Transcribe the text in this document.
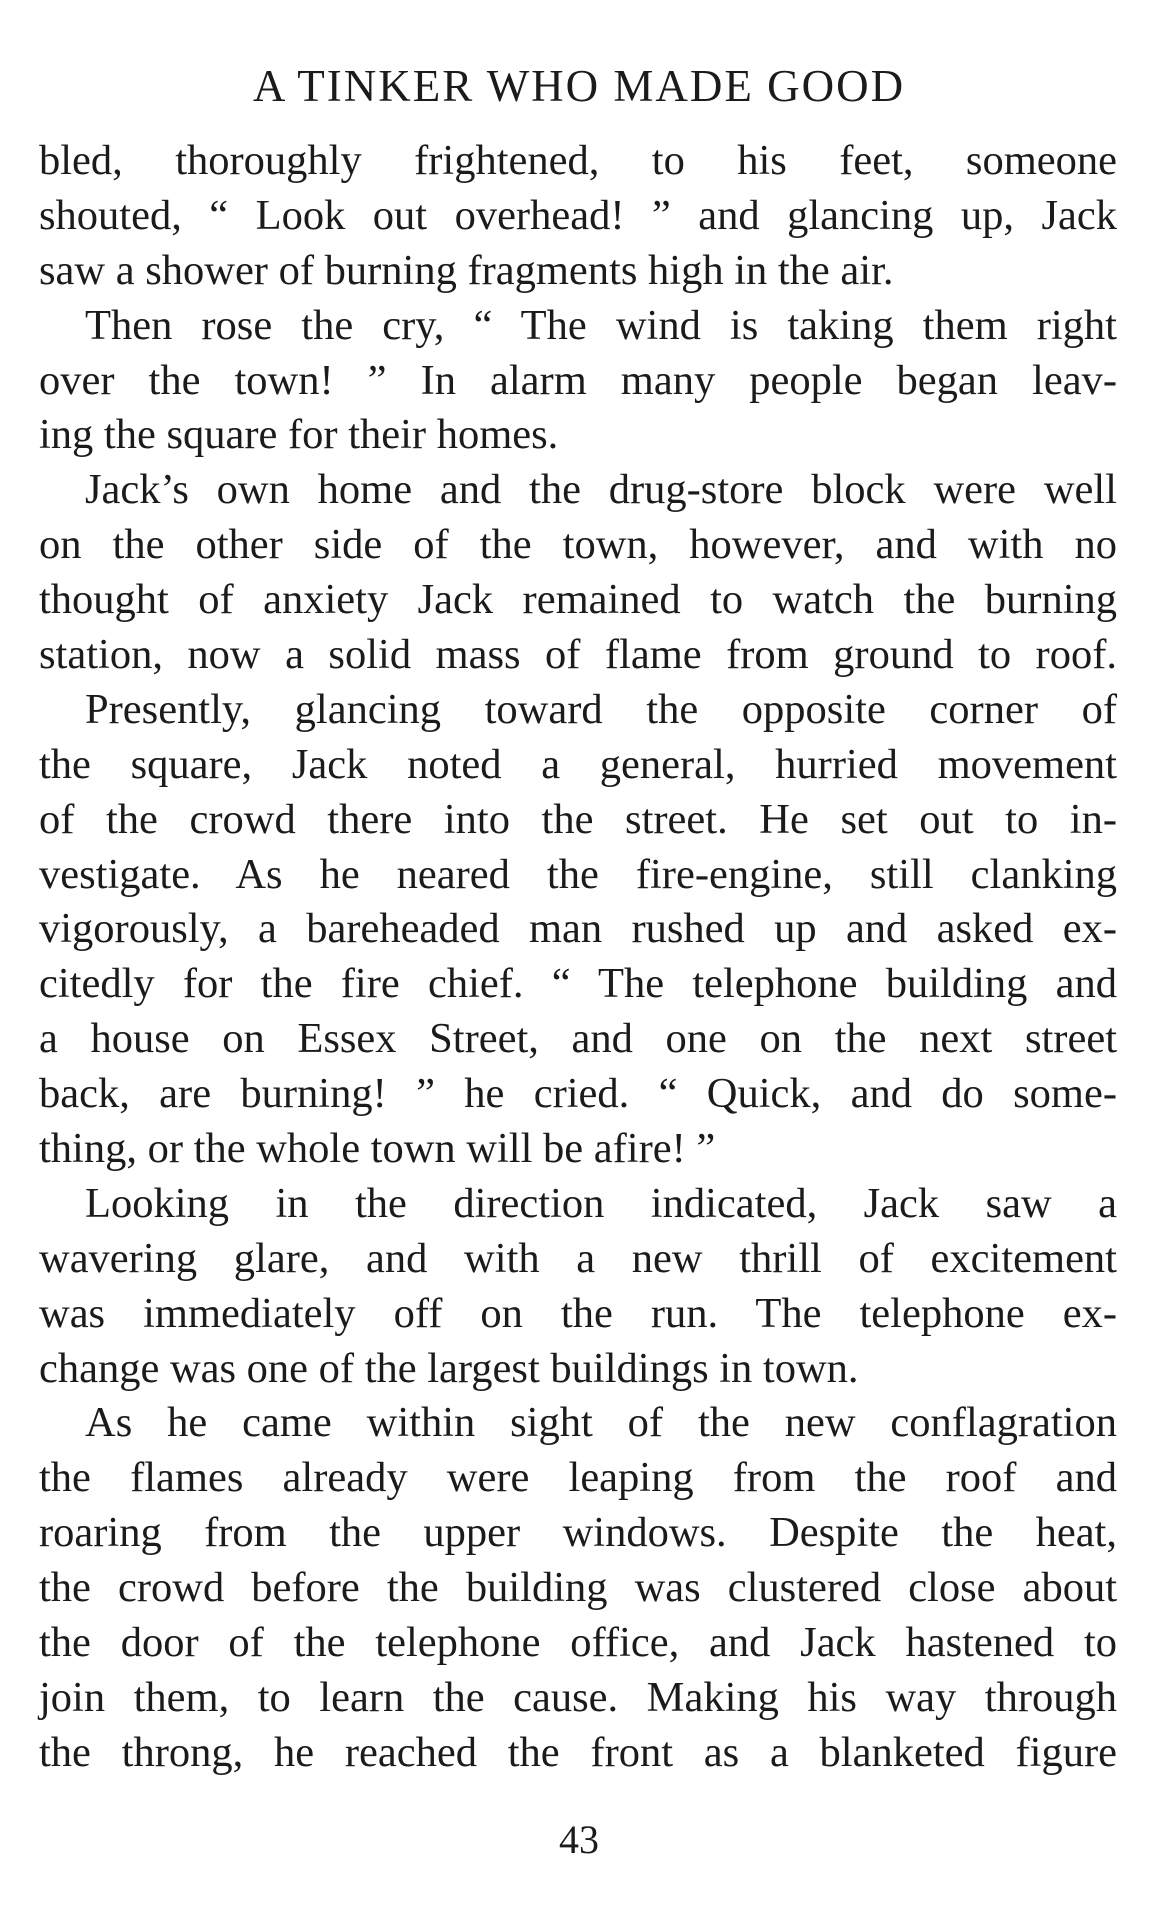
A TINKER WHO MADE GOOD
bled, thoroughly frightened, to his feet, someone
shouted, “ Look out overhead! ” and glancing up, Jack
saw a shower of burning fragments high in the air.
Then rose the cry, “ The wind is taking them right
over the town! ” In alarm many people began leav-
ing the square for their homes.
Jack’s own home and the drug-store block were well
on the other side of the town, however, and with no
thought of anxiety Jack remained to watch the burning
station, now a solid mass of flame from ground to roof.
Presently, glancing toward the opposite corner of
the square, Jack noted a general, hurried movement
of the crowd there into the street. He set out to in-
vestigate. As he neared the fire-engine, still clanking
vigorously, a bareheaded man rushed up and asked ex-
citedly for the fire chief. “ The telephone building and
a house on Essex Street, and one on the next street
back, are burning! ” he cried. “ Quick, and do some-
thing, or the whole town will be afire! ”
Looking in the direction indicated, Jack saw a
wavering glare, and with a new thrill of excitement
was immediately off on the run. The telephone ex-
change was one of the largest buildings in town.
As he came within sight of the new conflagration
the flames already were leaping from the roof and
roaring from the upper windows. Despite the heat,
the crowd before the building was clustered close about
the door of the telephone office, and Jack hastened to
join them, to learn the cause. Making his way through
the throng, he reached the front as a blanketed figure
43
